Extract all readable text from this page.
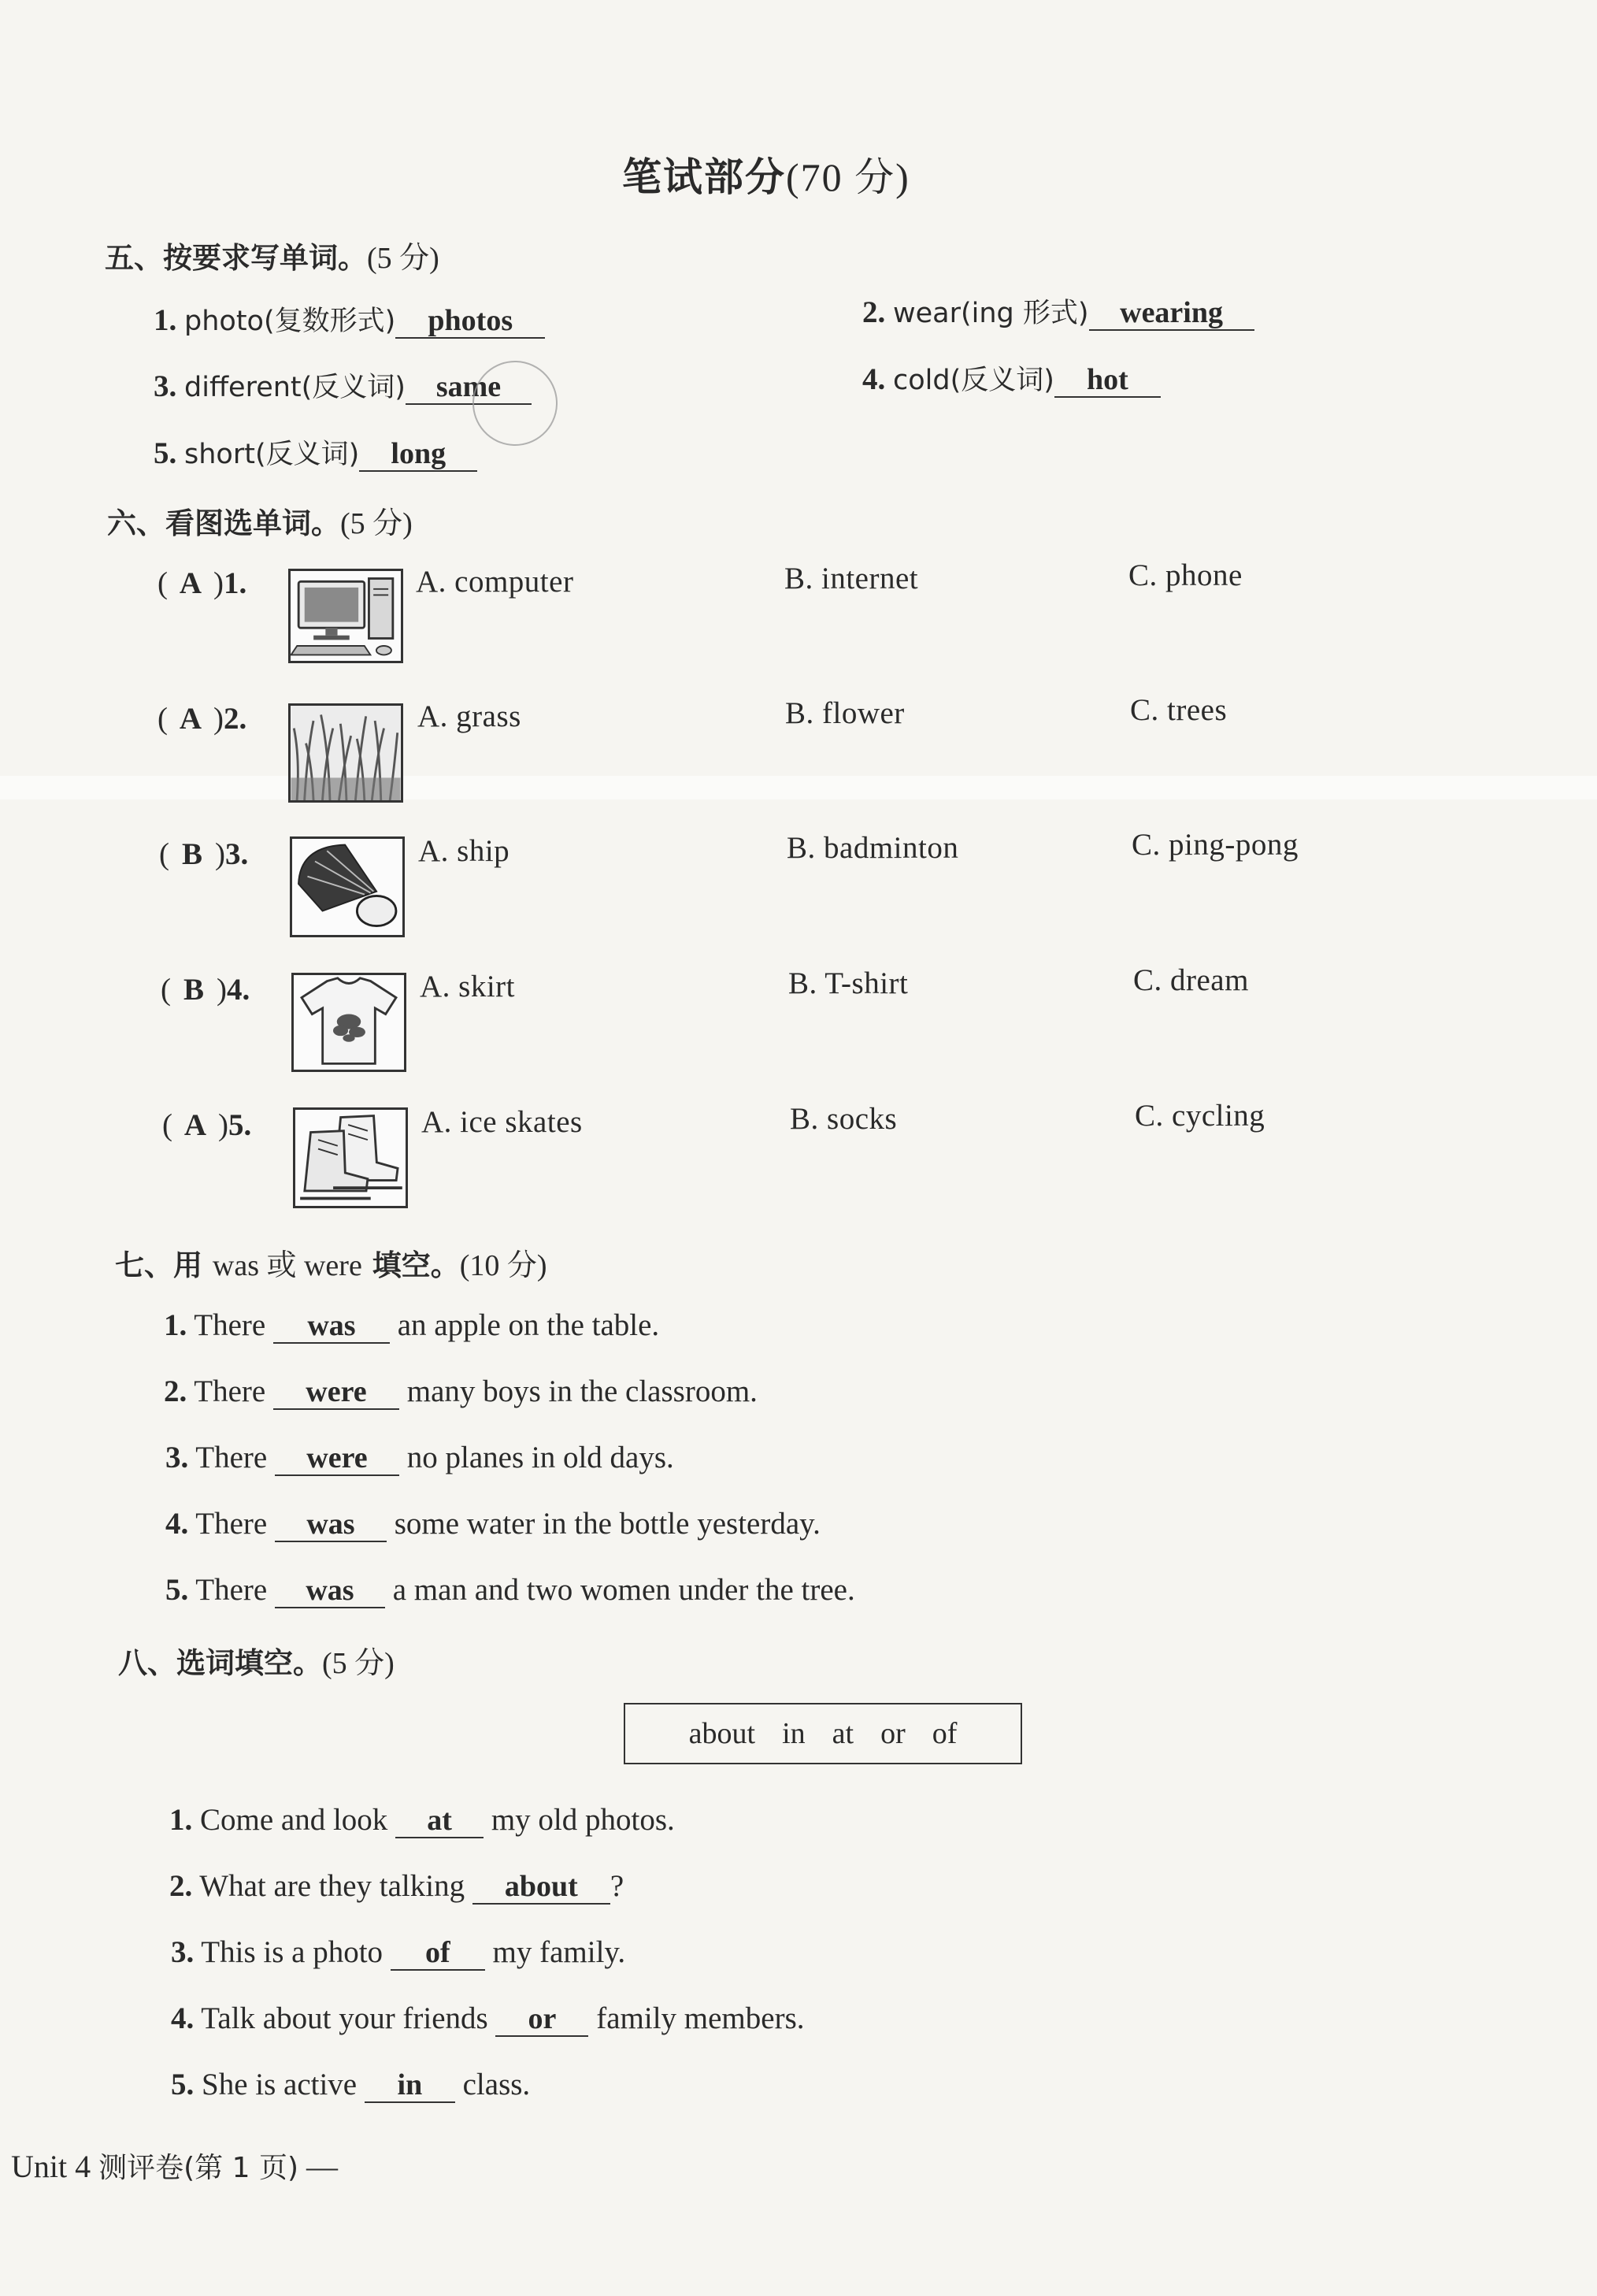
笔试部分(70 分)
五、按要求写单词。(5 分)
1. photo(复数形式) photos	2. wear(ing 形式) wearing
3. different(反义词) same	4. cold(反义词) hot
5. short(反义词) long
六、看图选单词。(5 分)
( A )1.	A. computer	B. internet	C. phone
( A )2.	A. grass	B. flower	C. trees
( B )3.	A. ship	B. badminton	C. ping-pong
( B )4.	A. skirt	B. T-shirt	C. dream
( A )5.	A. ice skates	B. socks	C. cycling
七、用 was 或 were 填空。(10 分)
1. There was an apple on the table.
2. There were many boys in the classroom.
3. There were no planes in old days.
4. There was some water in the bottle yesterday.
5. There was a man and two women under the tree.
八、选词填空。(5 分)
about in at or of
1. Come and look at my old photos.
2. What are they talking about ?
3. This is a photo of my family.
4. Talk about your friends or family members.
5. She is active in class.
Unit 4 测评卷(第 1 页) —
